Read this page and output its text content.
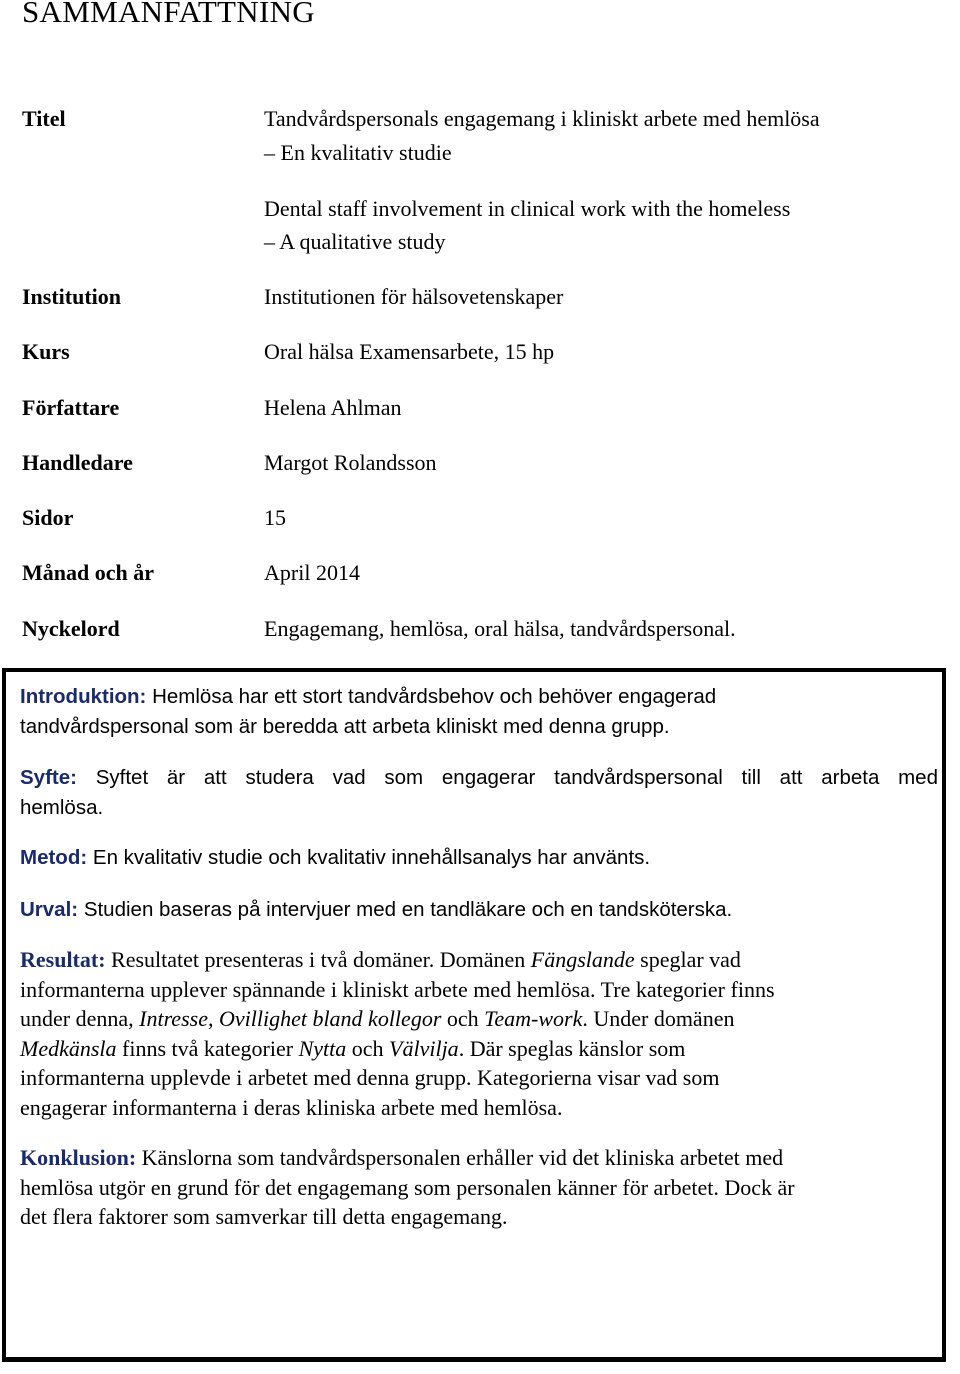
SAMMANFATTNING
Titel	Tandvårdspersonals engagemang i kliniskt arbete med hemlösa
– En kvalitativ studie
Dental staff involvement in clinical work with the homeless
– A qualitative study
Institution	Institutionen för hälsovetenskaper
Kurs	Oral hälsa Examensarbete, 15 hp
Författare	Helena Ahlman
Handledare	Margot Rolandsson
Sidor	15
Månad och år	April 2014
Nyckelord	Engagemang, hemlösa, oral hälsa, tandvårdspersonal.
Introduktion: Hemlösa har ett stort tandvårdsbehov och behöver engagerad
tandvårdspersonal som är beredda att arbeta kliniskt med denna grupp.
Syfte: Syftet är att studera vad som engagerar tandvårdspersonal till att arbeta med
hemlösa.
Metod: En kvalitativ studie och kvalitativ innehållsanalys har använts.
Urval: Studien baseras på intervjuer med en tandläkare och en tandsköterska.
Resultat: Resultatet presenteras i två domäner. Domänen Fängslande speglar vad
informanterna upplever spännande i kliniskt arbete med hemlösa. Tre kategorier finns
under denna, Intresse, Ovillighet bland kollegor och Team-work. Under domänen
Medkänsla finns två kategorier Nytta och Välvilja. Där speglas känslor som
informanterna upplevde i arbetet med denna grupp. Kategorierna visar vad som
engagerar informanterna i deras kliniska arbete med hemlösa.
Konklusion: Känslorna som tandvårdspersonalen erhåller vid det kliniska arbetet med
hemlösa utgör en grund för det engagemang som personalen känner för arbetet. Dock är
det flera faktorer som samverkar till detta engagemang.
